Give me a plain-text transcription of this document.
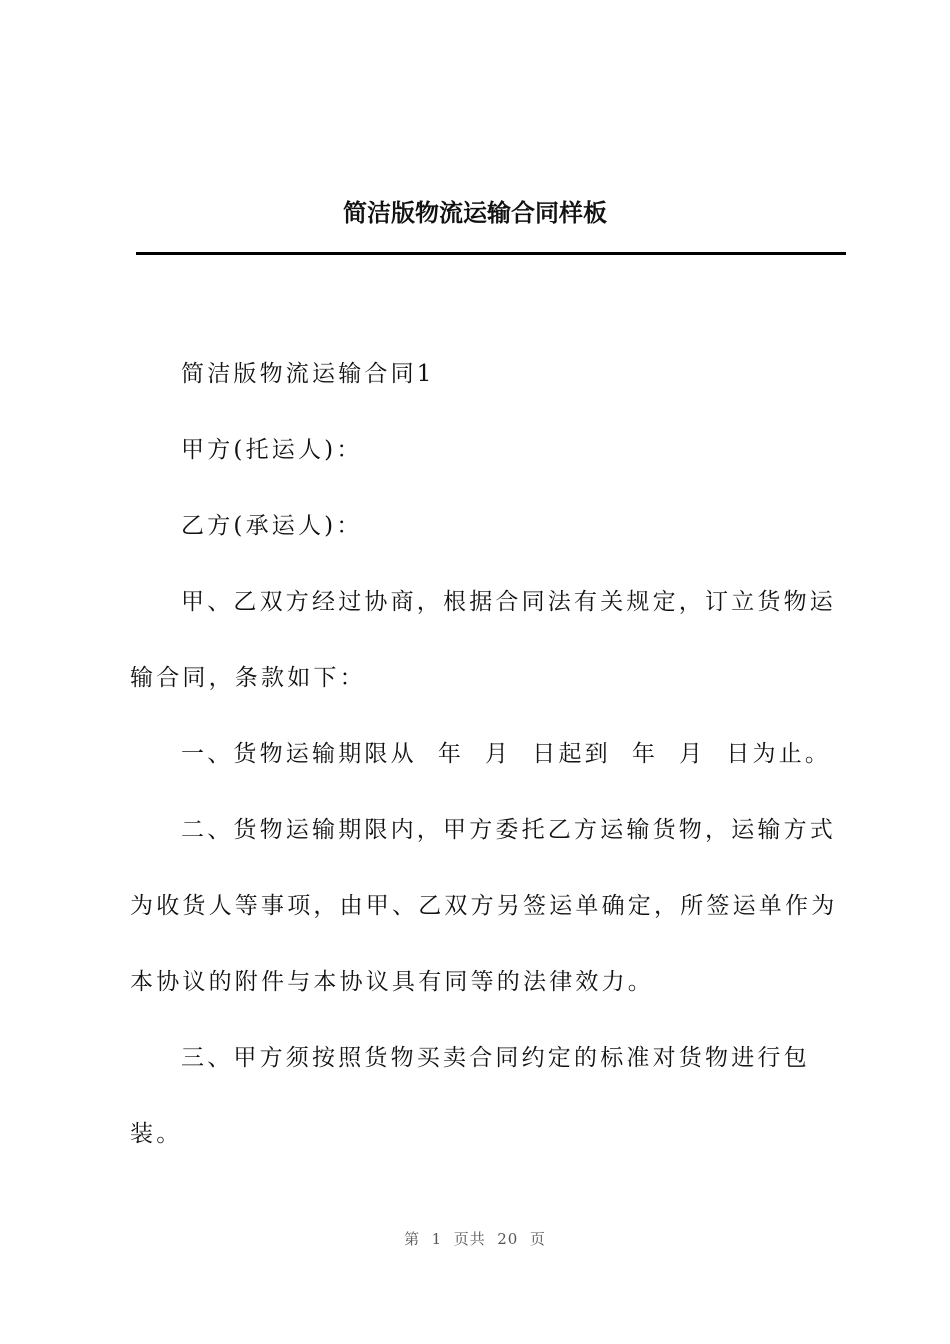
简洁版物流运输合同样板

简洁版物流运输合同1

甲方(托运人)：

乙方(承运人)：

甲、乙双方经过协商，根据合同法有关规定，订立货物运输合同，条款如下：

一、货物运输期限从  年  月  日起到  年  月  日为止。

二、货物运输期限内，甲方委托乙方运输货物，运输方式为收货人等事项，由甲、乙双方另签运单确定，所签运单作为本协议的附件与本协议具有同等的法律效力。

三、甲方须按照货物买卖合同约定的标准对货物进行包装。

第  1  页共  20  页
